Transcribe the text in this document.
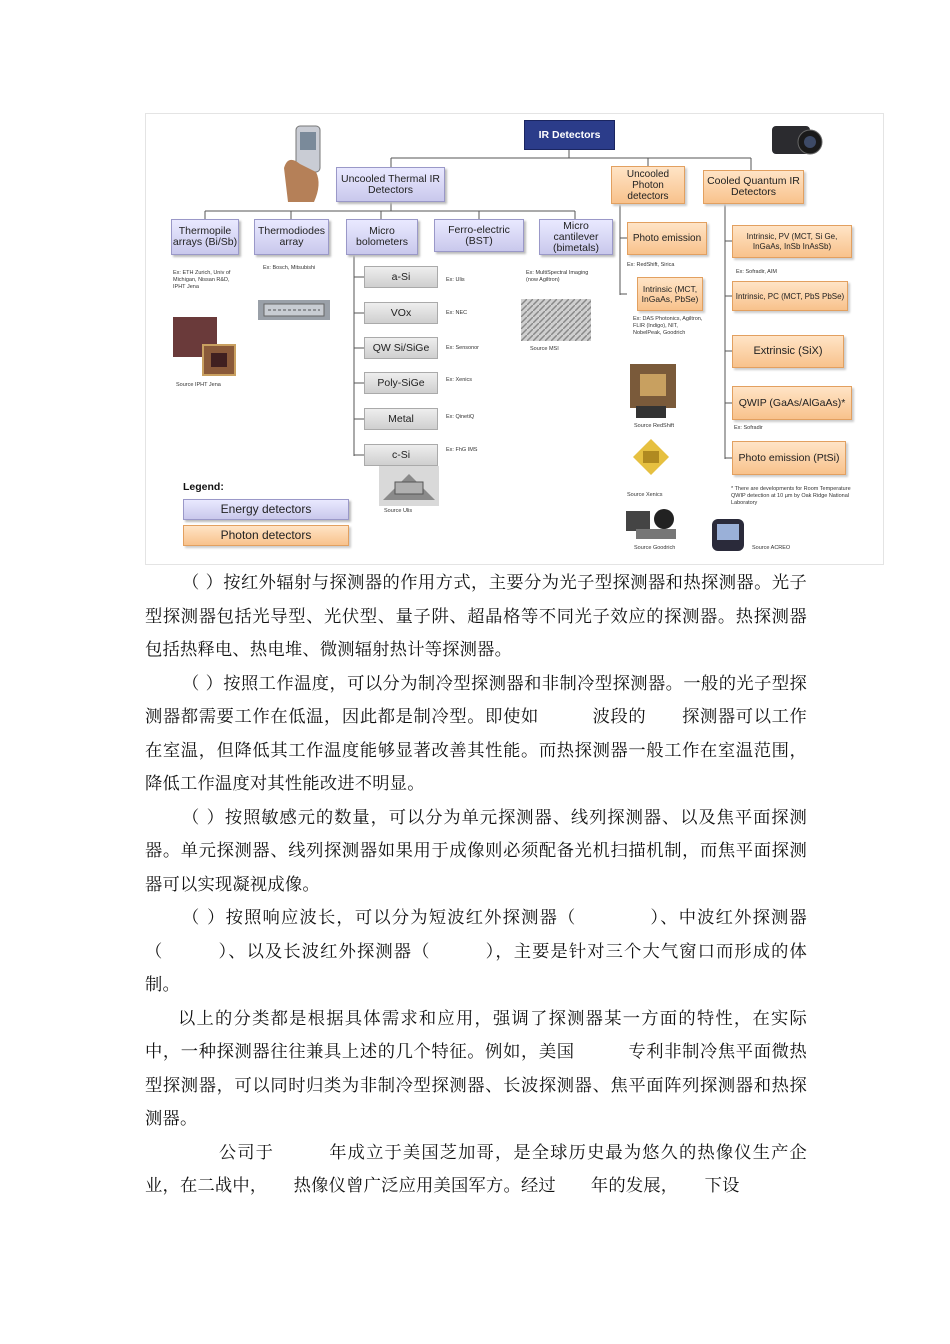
IR Detectors
Uncooled Thermal IR Detectors
Uncooled Photon detectors
Cooled Quantum IR Detectors
Thermopile arrays (Bi/Sb)
Thermodiodes array
Micro bolometers
Ferro-electric (BST)
Micro cantilever (bimetals)
Ex: ETH Zurich, Univ of Michigan, Nissan R&D, IPHT Jena
Source IPHT Jena
Ex: Bosch, Mitsubishi
a-Si
VOx
QW Si/SiGe
Poly-SiGe
Metal
c-Si
Ex: Ulis
Ex: NEC
Ex: Sensonor
Ex: Xenics
Ex: QinetiQ
Ex: FhG IMS
Source Ulis
Ex: MultiSpectral Imaging (now Agiltron)
Source MSI
Photo emission
Ex: RedShift, Sirica
Intrinsic (MCT, InGaAs, PbSe)
Ex: DAS Photonics, Agiltron, FLIR (Indigo), NIT, NobelPeak, Goodrich
Source RedShift
Source Xenics
Source Goodrich
Intrinsic, PV (MCT, Si Ge, InGaAs, InSb InAsSb)
Ex: Sofradir, AIM
Intrinsic, PC (MCT, PbS PbSe)
Extrinsic (SiX)
QWIP (GaAs/AlGaAs)*
Ex: Sofradir
Photo emission (PtSi)
* There are developments for Room Temperature QWIP detection at 10 µm by Oak Ridge National Laboratory
Source ACREO
Legend:
Energy detectors
Photon detectors

（ ）按红外辐射与探测器的作用方式，主要分为光子型探测器和热探测器。光子型探测器包括光导型、光伏型、量子阱、超晶格等不同光子效应的探测器。热探测器包括热释电、热电堆、微测辐射热计等探测器。

（ ）按照工作温度，可以分为制冷型探测器和非制冷型探测器。一般的光子型探测器都需要工作在低温，因此都是制冷型。即使如　　　波段的　　探测器可以工作在室温，但降低其工作温度能够显著改善其性能。而热探测器一般工作在室温范围，降低工作温度对其性能改进不明显。

（ ）按照敏感元的数量，可以分为单元探测器、线列探测器、以及焦平面探测器。单元探测器、线列探测器如果用于成像则必须配备光机扫描机制，而焦平面探测器可以实现凝视成像。

（ ）按照响应波长，可以分为短波红外探测器（　　　　）、中波红外探测器（　　　）、以及长波红外探测器（　　　），主要是针对三个大气窗口而形成的体制。

以上的分类都是根据具体需求和应用，强调了探测器某一方面的特性，在实际中，一种探测器往往兼具上述的几个特征。例如，美国　　　专利非制冷焦平面微热型探测器，可以同时归类为非制冷型探测器、长波探测器、焦平面阵列探测器和热探测器。

　　公司于　　　年成立于美国芝加哥，是全球历史最为悠久的热像仪生产企业，在二战中，　　热像仪曾广泛应用美国军方。经过　　年的发展，　　下设
